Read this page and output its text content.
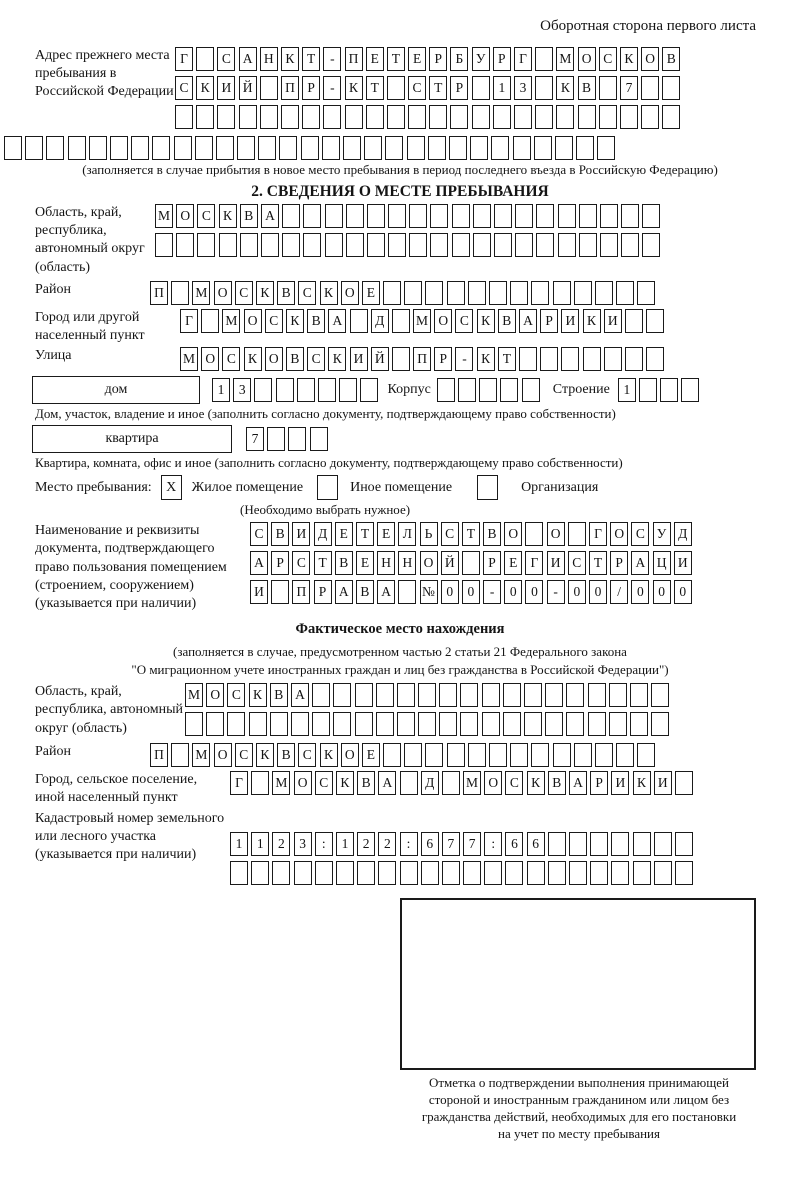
Оборотная сторона первого листа
Адрес прежнего места пребывания в Российской Федерации
Г	С А Н К Т	-	П Е Т Е Р	Б У Р	Г	М О С К О В
С К И Й	П Р	-	К Т	С Т Р	1	3	К В	7
(заполняется в случае прибытия в новое место пребывания в период последнего въезда в Российскую Федерацию)
2. СВЕДЕНИЯ О МЕСТЕ ПРЕБЫВАНИЯ
Область, край, республика, автономный округ (область)
М О С К В А
Район	П	М О С К В С К О Е
Город или другой населенный пункт
Г	М О С К В А	Д	М О С К В А Р И К И
Улица	М О С К О В С К И Й	П Р	-	К Т
дом	1	3	Корпус	Строение	1
Дом, участок, владение и иное (заполнить согласно документу, подтверждающему право собственности)
квартира	7
Квартира, комната, офис и иное (заполнить согласно документу, подтверждающему право собственности)
Место пребывания:	X	Жилое помещение	Иное помещение	Организация
(Необходимо выбрать нужное)
Наименование и реквизиты документа, подтверждающего право пользования помещением (строением, сооружением) (указывается при наличии)
С В И Д Е Т Е Л Ь С Т В О	О	Г О С У Д
А Р С Т В Е Н Н О Й	Р Е Г И С Т Р А Ц И
И	П Р А В А	№ 0	0	-	0	0	-	0	0	/	0	0	0
Фактическое место нахождения
(заполняется в случае, предусмотренном частью 2 статьи 21 Федерального закона
"О миграционном учете иностранных граждан и лиц без гражданства в Российской Федерации")
Область, край, республика, автономный округ (область)
М О С К В А
Район	П	М О С К В С К О Е
Город, сельское поселение, иной населенный пункт
Г	М О С К В А	Д	М О С К В А Р И К И
Кадастровый номер земельного или лесного участка (указывается при наличии)
1	1	2	3	:	1	2	2	:	6	7	7	:	6	6
Отметка о подтверждении выполнения принимающей
стороной и иностранным гражданином или лицом без
гражданства действий, необходимых для его постановки
на учет по месту пребывания
